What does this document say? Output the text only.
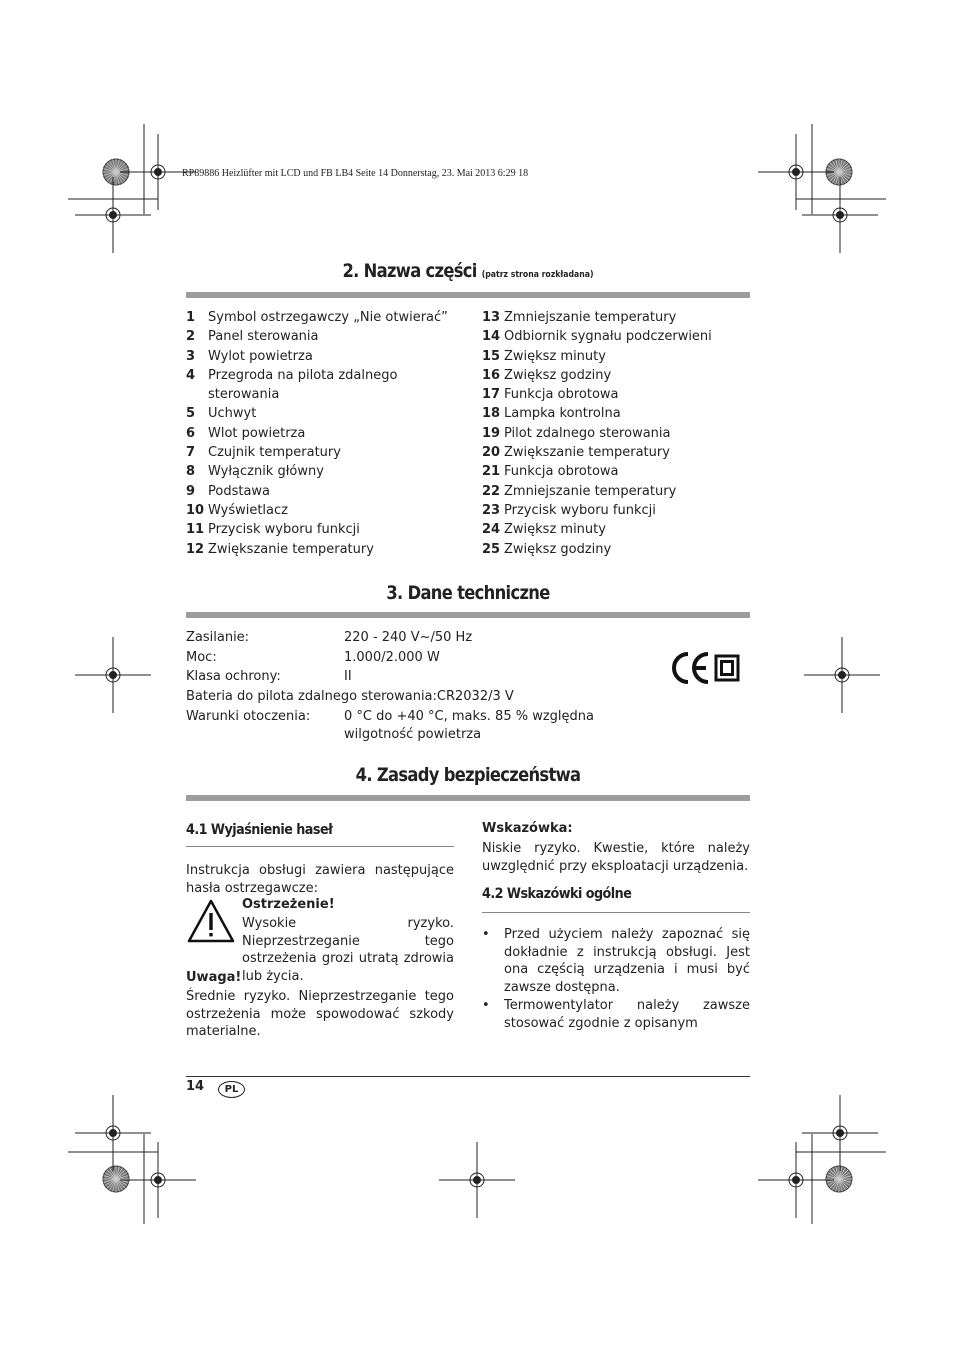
RP89886 Heizlüfter mit LCD und FB LB4 Seite 14 Donnerstag, 23. Mai 2013 6:29 18
2. Nazwa części (patrz strona rozkładana)
1 Symbol ostrzegawczy „Nie otwierać”
2 Panel sterowania
3 Wylot powietrza
4 Przegroda na pilota zdalnego sterowania
5 Uchwyt
6 Wlot powietrza
7 Czujnik temperatury
8 Wyłącznik główny
9 Podstawa
10 Wyświetlacz
11 Przycisk wyboru funkcji
12 Zwiększanie temperatury
13 Zmniejszanie temperatury
14 Odbiornik sygnału podczerwieni
15 Zwiększ minuty
16 Zwiększ godziny
17 Funkcja obrotowa
18 Lampka kontrolna
19 Pilot zdalnego sterowania
20 Zwiększanie temperatury
21 Funkcja obrotowa
22 Zmniejszanie temperatury
23 Przycisk wyboru funkcji
24 Zwiększ minuty
25 Zwiększ godziny
3. Dane techniczne
Zasilanie:	220 - 240 V~/50 Hz
Moc:	1.000/2.000 W
Klasa ochrony:	II
Bateria do pilota zdalnego sterowania:CR2032/3 V
Warunki otoczenia:	0 °C do +40 °C, maks. 85 % względna wilgotność powietrza
4. Zasady bezpieczeństwa
4.1 Wyjaśnienie haseł
Instrukcja obsługi zawiera następujące hasła ostrzegawcze:
Ostrzeżenie!
Wysokie ryzyko. Nieprzestrzeganie tego ostrzeżenia grozi utratą zdrowia lub życia.
Uwaga!
Średnie ryzyko. Nieprzestrzeganie tego ostrzeżenia może spowodować szkody materialne.
Wskazówka:
Niskie ryzyko. Kwestie, które należy uwzględnić przy eksploatacji urządzenia.
4.2 Wskazówki ogólne
•	Przed użyciem należy zapoznać się dokładnie z instrukcją obsługi. Jest ona częścią urządzenia i musi być zawsze dostępna.
•	Termowentylator należy zawsze stosować zgodnie z opisanym
14	PL
